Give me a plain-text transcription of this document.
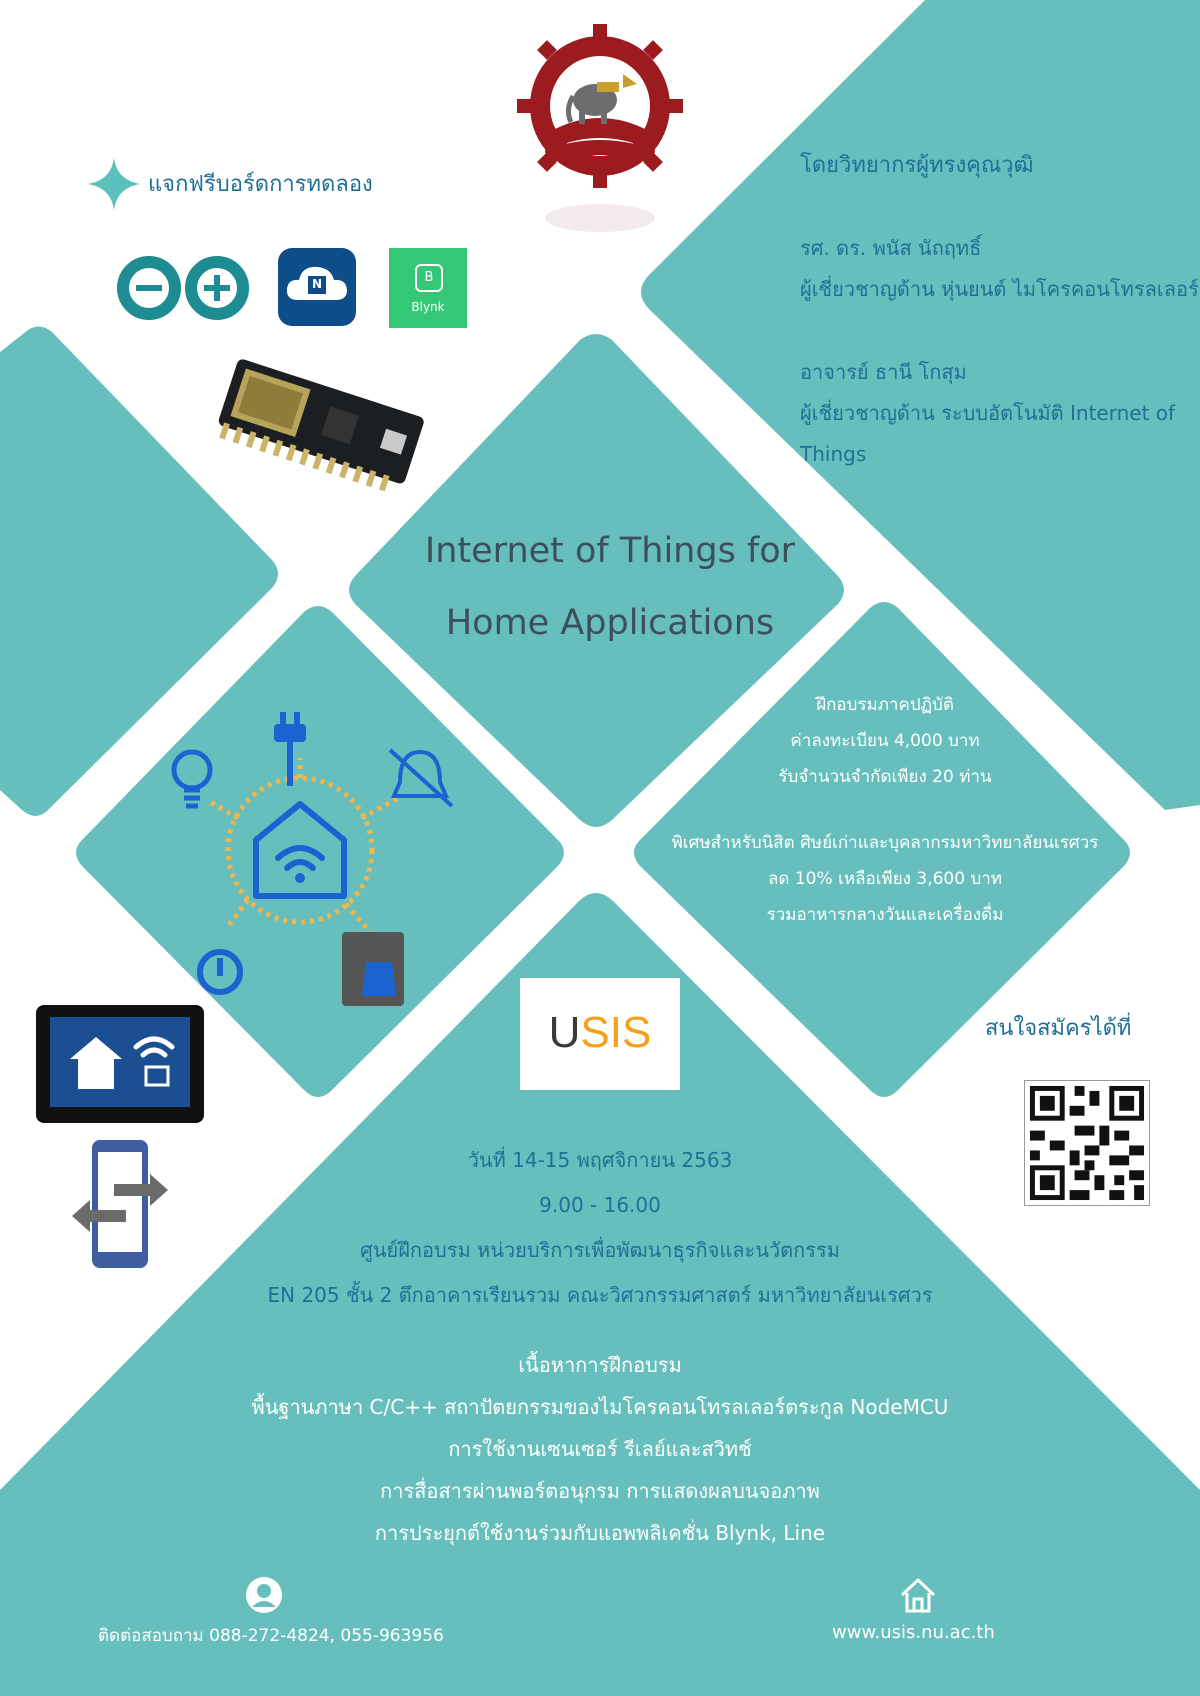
แจกฟรีบอร์ดการทดลอง
N	B
Blynk
โดยวิทยากรผู้ทรงคุณวุฒิ
รศ. ดร. พนัส นัถฤทธิ์
ผู้เชี่ยวชาญด้าน หุ่นยนต์ ไมโครคอนโทรลเลอร์
อาจารย์ ธานี โกสุม
ผู้เชี่ยวชาญด้าน ระบบอัตโนมัติ Internet of
Things
Internet of Things for
Home Applications
ฝึกอบรมภาคปฏิบัติ
ค่าลงทะเบียน 4,000 บาท
รับจำนวนจำกัดเพียง 20 ท่าน
พิเศษสำหรับนิสิต ศิษย์เก่าและบุคลากรมหาวิทยาลัยนเรศวร
ลด 10% เหลือเพียง 3,600 บาท
รวมอาหารกลางวันและเครื่องดื่ม
USIS	สนใจสมัครได้ที่
วันที่ 14-15 พฤศจิกายน 2563
9.00 - 16.00
ศูนย์ฝึกอบรม หน่วยบริการเพื่อพัฒนาธุรกิจและนวัตกรรม
EN 205 ชั้น 2 ตึกอาคารเรียนรวม คณะวิศวกรรมศาสตร์ มหาวิทยาลัยนเรศวร
เนื้อหาการฝึกอบรม
พื้นฐานภาษา C/C++ สถาปัตยกรรมของไมโครคอนโทรลเลอร์ตระกูล NodeMCU
การใช้งานเซนเซอร์ รีเลย์และสวิทช์
การสื่อสารผ่านพอร์ตอนุกรม การแสดงผลบนจอภาพ
การประยุกต์ใช้งานร่วมกับแอพพลิเคชั่น Blynk, Line
ติดต่อสอบถาม 088-272-4824, 055-963956	www.usis.nu.ac.th
